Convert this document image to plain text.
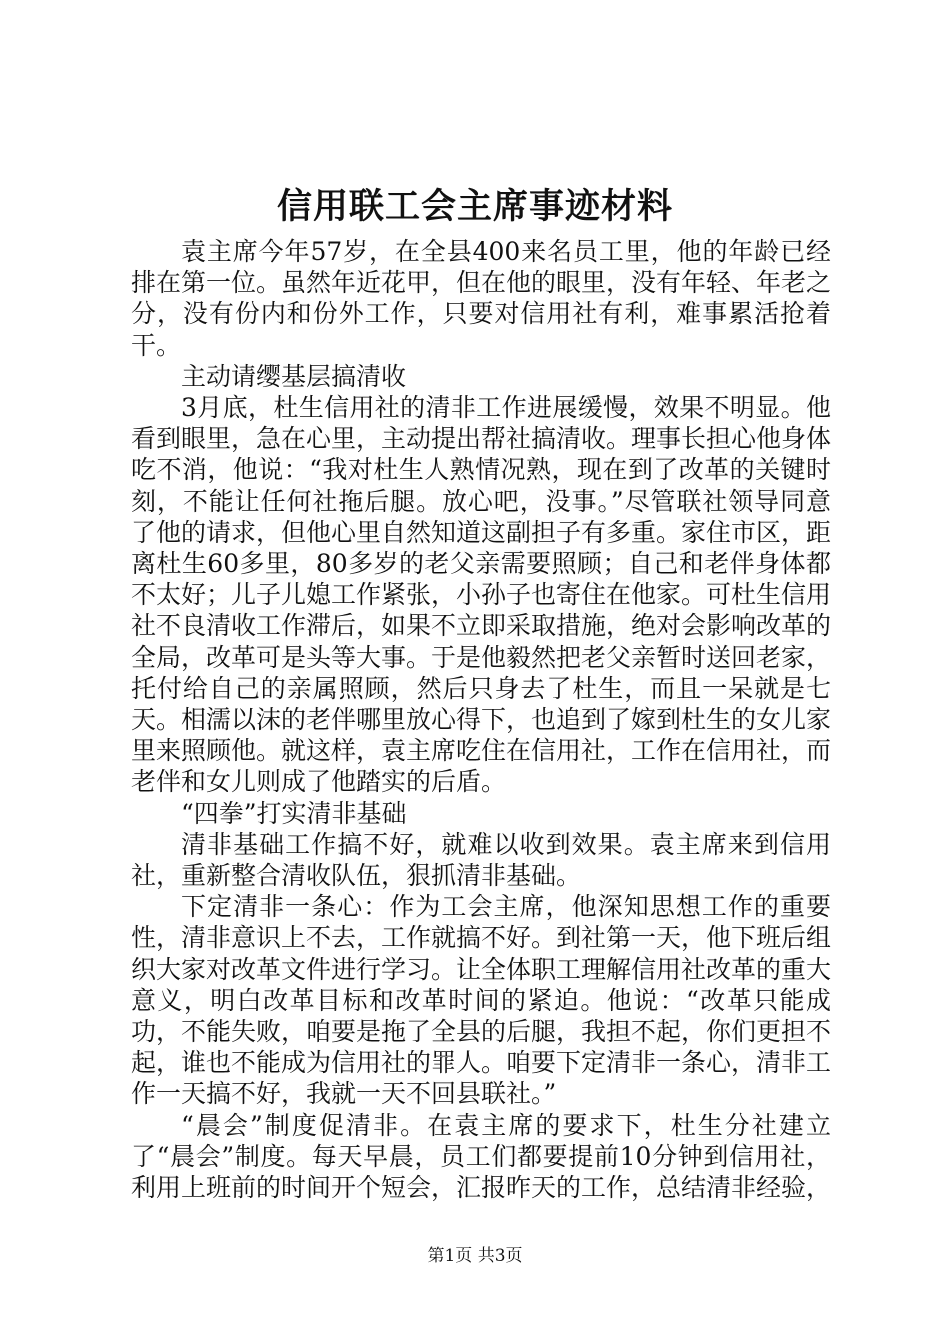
信用联工会主席事迹材料

袁主席今年57岁，在全县400来名员工里，他的年龄已经排在第一位。虽然年近花甲，但在他的眼里，没有年轻、年老之分，没有份内和份外工作，只要对信用社有利，难事累活抢着干。

主动请缨基层搞清收

3月底，杜生信用社的清非工作进展缓慢，效果不明显。他看到眼里，急在心里，主动提出帮社搞清收。理事长担心他身体吃不消，他说：“我对杜生人熟情况熟，现在到了改革的关键时刻，不能让任何社拖后腿。放心吧，没事。”尽管联社领导同意了他的请求，但他心里自然知道这副担子有多重。家住市区，距离杜生60多里，80多岁的老父亲需要照顾；自己和老伴身体都不太好；儿子儿媳工作紧张，小孙子也寄住在他家。可杜生信用社不良清收工作滞后，如果不立即采取措施，绝对会影响改革的全局，改革可是头等大事。于是他毅然把老父亲暂时送回老家，托付给自己的亲属照顾，然后只身去了杜生，而且一呆就是七天。相濡以沫的老伴哪里放心得下，也追到了嫁到杜生的女儿家里来照顾他。就这样，袁主席吃住在信用社，工作在信用社，而老伴和女儿则成了他踏实的后盾。

“四拳”打实清非基础

清非基础工作搞不好，就难以收到效果。袁主席来到信用社，重新整合清收队伍，狠抓清非基础。

下定清非一条心：作为工会主席，他深知思想工作的重要性，清非意识上不去，工作就搞不好。到社第一天，他下班后组织大家对改革文件进行学习。让全体职工理解信用社改革的重大意义，明白改革目标和改革时间的紧迫。他说：“改革只能成功，不能失败，咱要是拖了全县的后腿，我担不起，你们更担不起，谁也不能成为信用社的罪人。咱要下定清非一条心，清非工作一天搞不好，我就一天不回县联社。”

“晨会”制度促清非。在袁主席的要求下，杜生分社建立了“晨会”制度。每天早晨，员工们都要提前10分钟到信用社，利用上班前的时间开个短会，汇报昨天的工作，总结清非经验，

第1页 共3页
